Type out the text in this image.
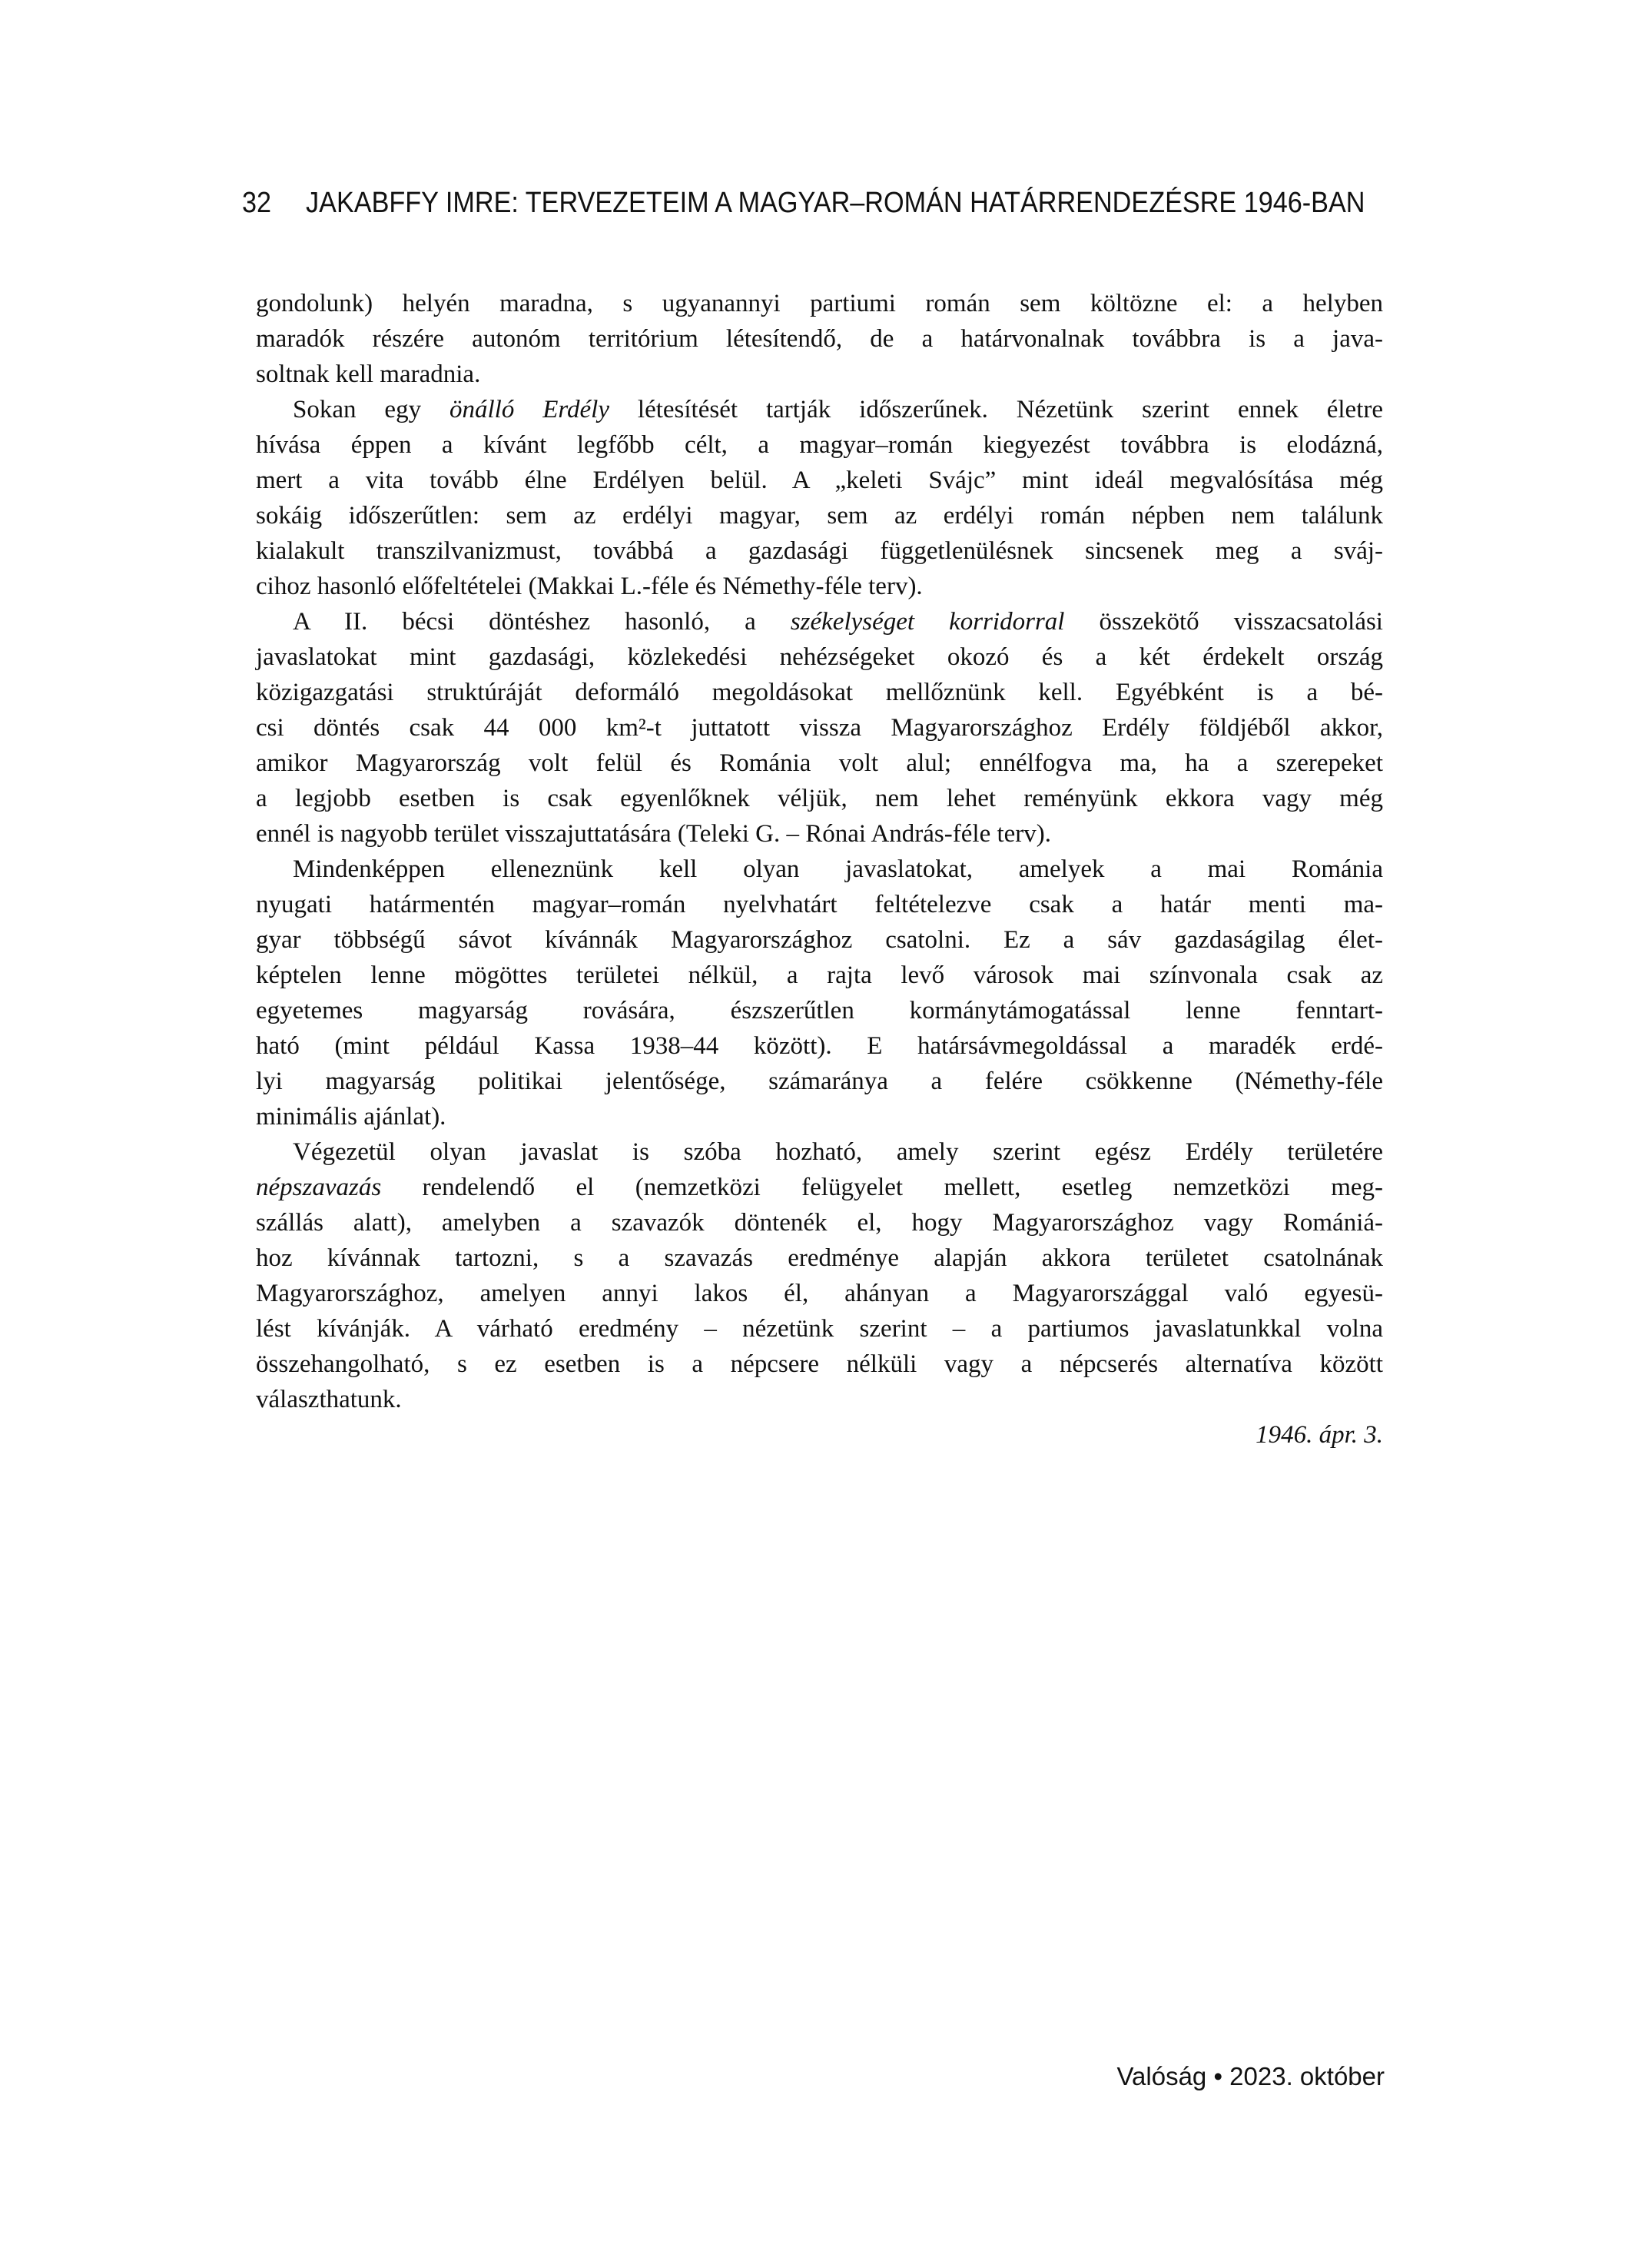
32 JAKABFFY IMRE: TERVEZETEIM A MAGYAR–ROMÁN HATÁRRENDEZÉSRE 1946-BAN
gondolunk) helyén maradna, s ugyanannyi partiumi román sem költözne el: a helyben
maradók részére autonóm territórium létesítendő, de a határvonalnak továbbra is a java-
soltnak kell maradnia.
Sokan egy önálló Erdély létesítését tartják időszerűnek. Nézetünk szerint ennek életre
hívása éppen a kívánt legfőbb célt, a magyar–román kiegyezést továbbra is elodázná,
mert a vita tovább élne Erdélyen belül. A „keleti Svájc” mint ideál megvalósítása még
sokáig időszerűtlen: sem az erdélyi magyar, sem az erdélyi román népben nem találunk
kialakult transzilvanizmust, továbbá a gazdasági függetlenülésnek sincsenek meg a sváj-
cihoz hasonló előfeltételei (Makkai L.-féle és Némethy-féle terv).
A II. bécsi döntéshez hasonló, a székelységet korridorral összekötő visszacsatolási
javaslatokat mint gazdasági, közlekedési nehézségeket okozó és a két érdekelt ország
közigazgatási struktúráját deformáló megoldásokat mellőznünk kell. Egyébként is a bé-
csi döntés csak 44 000 km²-t juttatott vissza Magyarországhoz Erdély földjéből akkor,
amikor Magyarország volt felül és Románia volt alul; ennélfogva ma, ha a szerepeket
a legjobb esetben is csak egyenlőknek véljük, nem lehet reményünk ekkora vagy még
ennél is nagyobb terület visszajuttatására (Teleki G. – Rónai András-féle terv).
Mindenképpen elleneznünk kell olyan javaslatokat, amelyek a mai Románia
nyugati határmentén magyar–román nyelvhatárt feltételezve csak a határ menti ma-
gyar többségű sávot kívánnák Magyarországhoz csatolni. Ez a sáv gazdaságilag élet-
képtelen lenne mögöttes területei nélkül, a rajta levő városok mai színvonala csak az
egyetemes magyarság rovására, észszerűtlen kormánytámogatással lenne fenntart-
ható (mint például Kassa 1938–44 között). E határsávmegoldással a maradék erdé-
lyi magyarság politikai jelentősége, számaránya a felére csökkenne (Némethy-féle
minimális ajánlat).
Végezetül olyan javaslat is szóba hozható, amely szerint egész Erdély területére
népszavazás rendelendő el (nemzetközi felügyelet mellett, esetleg nemzetközi meg-
szállás alatt), amelyben a szavazók döntenék el, hogy Magyarországhoz vagy Romániá-
hoz kívánnak tartozni, s a szavazás eredménye alapján akkora területet csatolnának
Magyarországhoz, amelyen annyi lakos él, ahányan a Magyarországgal való egyesü-
lést kívánják. A várható eredmény – nézetünk szerint – a partiumos javaslatunkkal volna
összehangolható, s ez esetben is a népcsere nélküli vagy a népcserés alternatíva között
választhatunk.
1946. ápr. 3.
Valóság • 2023. október
